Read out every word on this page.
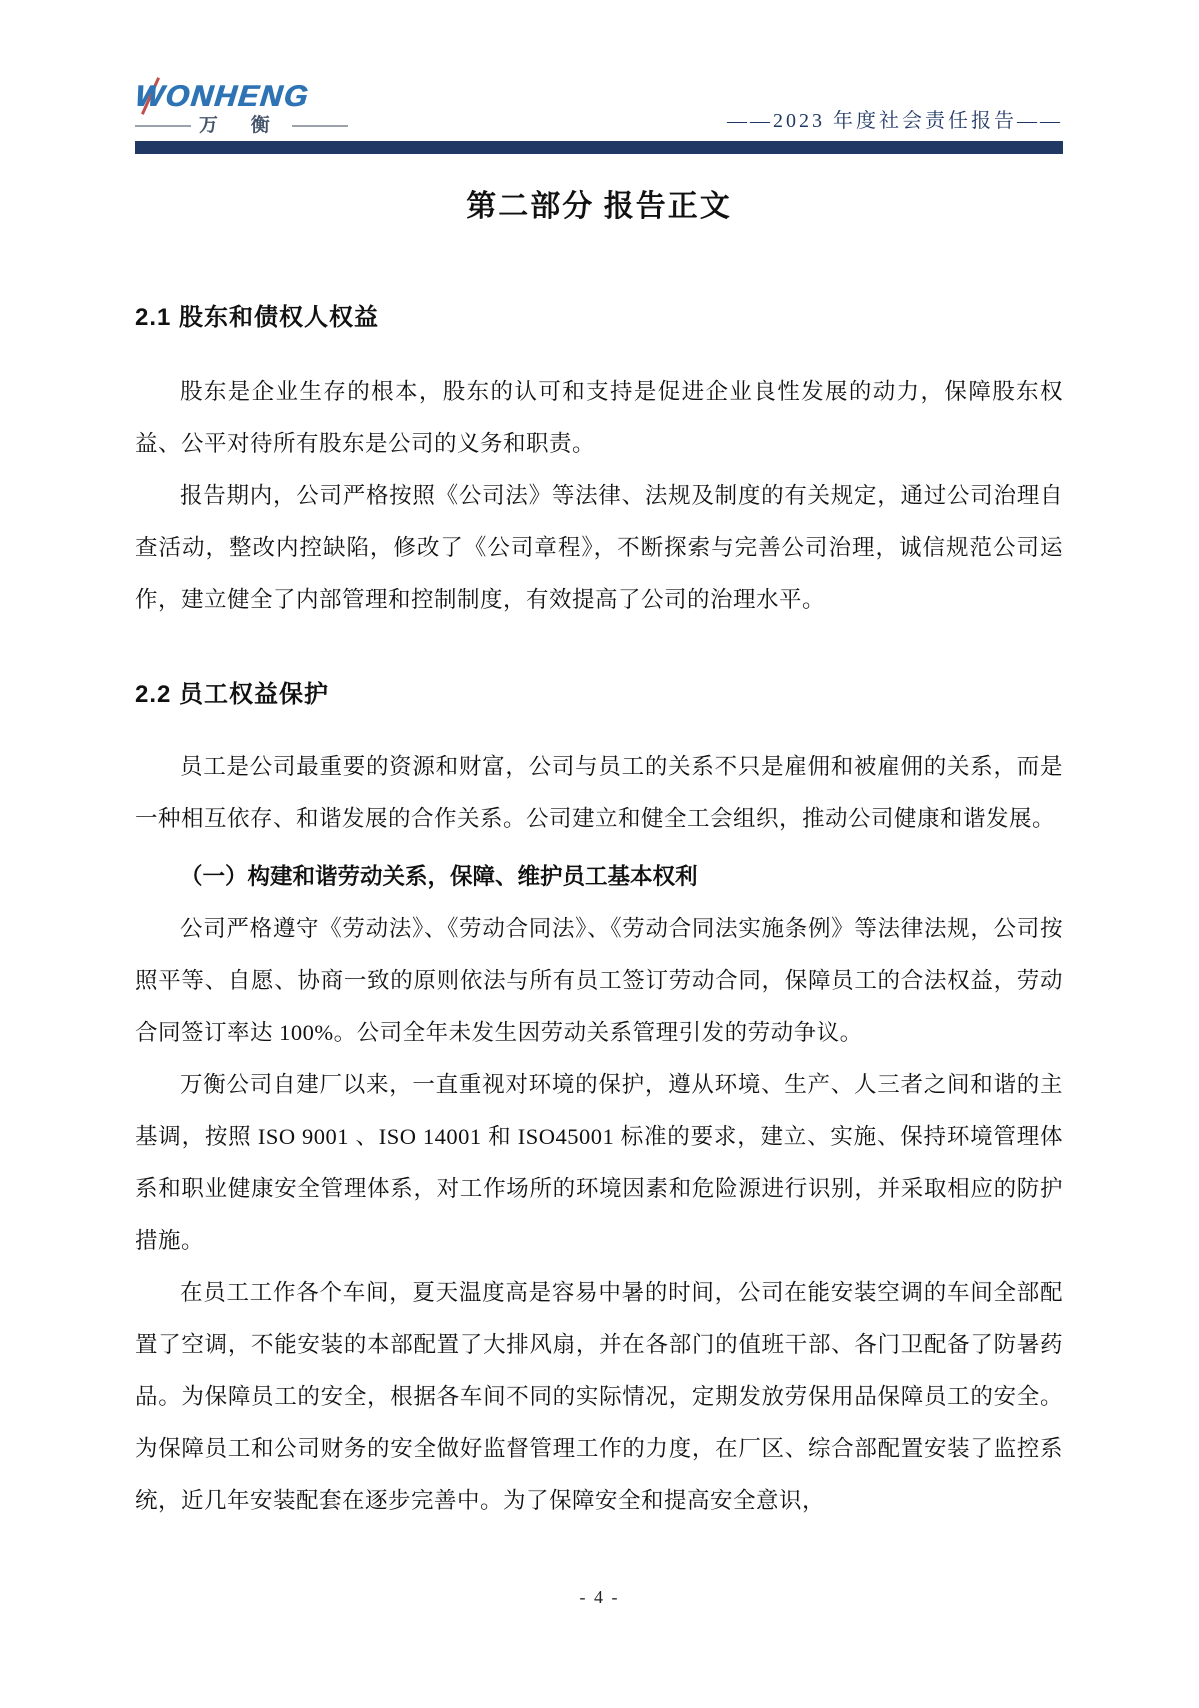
WONHENG
万 衡	——2023 年度社会责任报告——
第二部分 报告正文
2.1 股东和债权人权益

股东是企业生存的根本，股东的认可和支持是促进企业良性发展的动力，保障股东权益、公平对待所有股东是公司的义务和职责。

报告期内，公司严格按照《公司法》等法律、法规及制度的有关规定，通过公司治理自查活动，整改内控缺陷，修改了《公司章程》，不断探索与完善公司治理，诚信规范公司运作，建立健全了内部管理和控制制度，有效提高了公司的治理水平。

2.2 员工权益保护

员工是公司最重要的资源和财富，公司与员工的关系不只是雇佣和被雇佣的关系，而是一种相互依存、和谐发展的合作关系。公司建立和健全工会组织，推动公司健康和谐发展。

（一）构建和谐劳动关系，保障、维护员工基本权利

公司严格遵守《劳动法》、《劳动合同法》、《劳动合同法实施条例》等法律法规，公司按照平等、自愿、协商一致的原则依法与所有员工签订劳动合同，保障员工的合法权益，劳动合同签订率达 100%。公司全年未发生因劳动关系管理引发的劳动争议。

万衡公司自建厂以来，一直重视对环境的保护，遵从环境、生产、人三者之间和谐的主基调，按照 ISO 9001 、ISO 14001 和 ISO45001 标准的要求，建立、实施、保持环境管理体系和职业健康安全管理体系，对工作场所的环境因素和危险源进行识别，并采取相应的防护措施。

在员工工作各个车间，夏天温度高是容易中暑的时间，公司在能安装空调的车间全部配置了空调，不能安装的本部配置了大排风扇，并在各部门的值班干部、各门卫配备了防暑药品。为保障员工的安全，根据各车间不同的实际情况，定期发放劳保用品保障员工的安全。为保障员工和公司财务的安全做好监督管理工作的力度，在厂区、综合部配置安装了监控系统，近几年安装配套在逐步完善中。为了保障安全和提高安全意识，

- 4 -
